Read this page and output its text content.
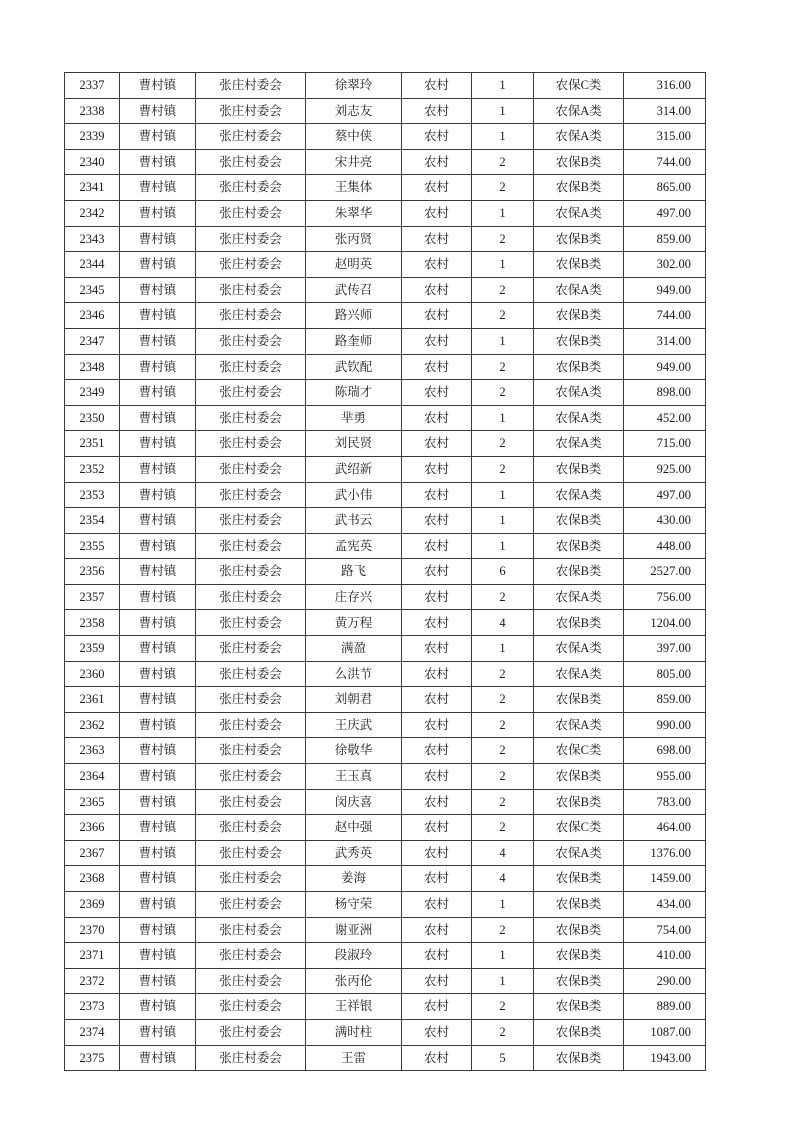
2337	曹村镇	张庄村委会	徐翠玲	农村	1	农保C类	316.00
2338	曹村镇	张庄村委会	刘志友	农村	1	农保A类	314.00
2339	曹村镇	张庄村委会	蔡中侠	农村	1	农保A类	315.00
2340	曹村镇	张庄村委会	宋井亮	农村	2	农保B类	744.00
2341	曹村镇	张庄村委会	王集体	农村	2	农保B类	865.00
2342	曹村镇	张庄村委会	朱翠华	农村	1	农保A类	497.00
2343	曹村镇	张庄村委会	张丙贤	农村	2	农保B类	859.00
2344	曹村镇	张庄村委会	赵明英	农村	1	农保B类	302.00
2345	曹村镇	张庄村委会	武传召	农村	2	农保A类	949.00
2346	曹村镇	张庄村委会	路兴师	农村	2	农保B类	744.00
2347	曹村镇	张庄村委会	路奎师	农村	1	农保B类	314.00
2348	曹村镇	张庄村委会	武钦配	农村	2	农保B类	949.00
2349	曹村镇	张庄村委会	陈瑞才	农村	2	农保A类	898.00
2350	曹村镇	张庄村委会	芈勇	农村	1	农保A类	452.00
2351	曹村镇	张庄村委会	刘民贤	农村	2	农保A类	715.00
2352	曹村镇	张庄村委会	武绍新	农村	2	农保B类	925.00
2353	曹村镇	张庄村委会	武小伟	农村	1	农保A类	497.00
2354	曹村镇	张庄村委会	武书云	农村	1	农保B类	430.00
2355	曹村镇	张庄村委会	孟宪英	农村	1	农保B类	448.00
2356	曹村镇	张庄村委会	路飞	农村	6	农保B类	2527.00
2357	曹村镇	张庄村委会	庄存兴	农村	2	农保A类	756.00
2358	曹村镇	张庄村委会	黄万程	农村	4	农保B类	1204.00
2359	曹村镇	张庄村委会	满盈	农村	1	农保A类	397.00
2360	曹村镇	张庄村委会	么洪节	农村	2	农保A类	805.00
2361	曹村镇	张庄村委会	刘朝君	农村	2	农保B类	859.00
2362	曹村镇	张庄村委会	王庆武	农村	2	农保A类	990.00
2363	曹村镇	张庄村委会	徐敬华	农村	2	农保C类	698.00
2364	曹村镇	张庄村委会	王玉真	农村	2	农保B类	955.00
2365	曹村镇	张庄村委会	闵庆喜	农村	2	农保B类	783.00
2366	曹村镇	张庄村委会	赵中强	农村	2	农保C类	464.00
2367	曹村镇	张庄村委会	武秀英	农村	4	农保A类	1376.00
2368	曹村镇	张庄村委会	姜海	农村	4	农保B类	1459.00
2369	曹村镇	张庄村委会	杨守荣	农村	1	农保B类	434.00
2370	曹村镇	张庄村委会	谢亚洲	农村	2	农保B类	754.00
2371	曹村镇	张庄村委会	段淑玲	农村	1	农保B类	410.00
2372	曹村镇	张庄村委会	张丙伦	农村	1	农保B类	290.00
2373	曹村镇	张庄村委会	王祥银	农村	2	农保B类	889.00
2374	曹村镇	张庄村委会	满时柱	农村	2	农保B类	1087.00
2375	曹村镇	张庄村委会	王雷	农村	5	农保B类	1943.00
